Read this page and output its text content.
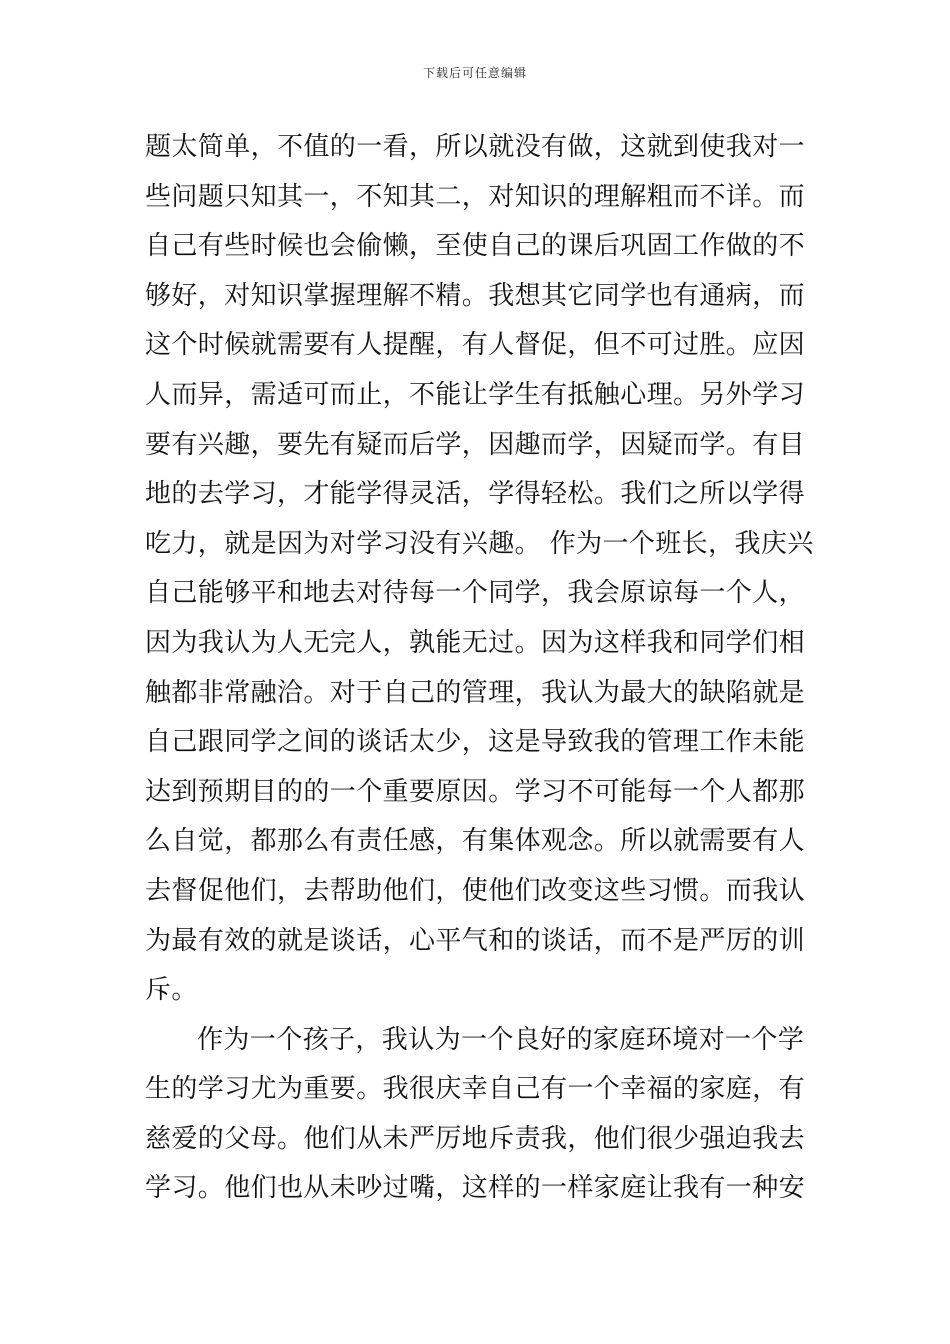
下载后可任意编辑
题太简单，不值的一看，所以就没有做，这就到使我对一
些问题只知其一，不知其二，对知识的理解粗而不详。而
自己有些时候也会偷懒，至使自己的课后巩固工作做的不
够好，对知识掌握理解不精。我想其它同学也有通病，而
这个时候就需要有人提醒，有人督促，但不可过胜。应因
人而异，需适可而止，不能让学生有抵触心理。另外学习
要有兴趣，要先有疑而后学，因趣而学，因疑而学。有目
地的去学习，才能学得灵活，学得轻松。我们之所以学得
吃力，就是因为对学习没有兴趣。 作为一个班长，我庆兴
自己能够平和地去对待每一个同学，我会原谅每一个人，
因为我认为人无完人，孰能无过。因为这样我和同学们相
触都非常融洽。对于自己的管理，我认为最大的缺陷就是
自己跟同学之间的谈话太少，这是导致我的管理工作未能
达到预期目的的一个重要原因。学习不可能每一个人都那
么自觉，都那么有责任感，有集体观念。所以就需要有人
去督促他们，去帮助他们，使他们改变这些习惯。而我认
为最有效的就是谈话，心平气和的谈话，而不是严厉的训
斥。
作为一个孩子，我认为一个良好的家庭环境对一个学
生的学习尤为重要。我很庆幸自己有一个幸福的家庭，有
慈爱的父母。他们从未严厉地斥责我，他们很少强迫我去
学习。他们也从未吵过嘴，这样的一样家庭让我有一种安
